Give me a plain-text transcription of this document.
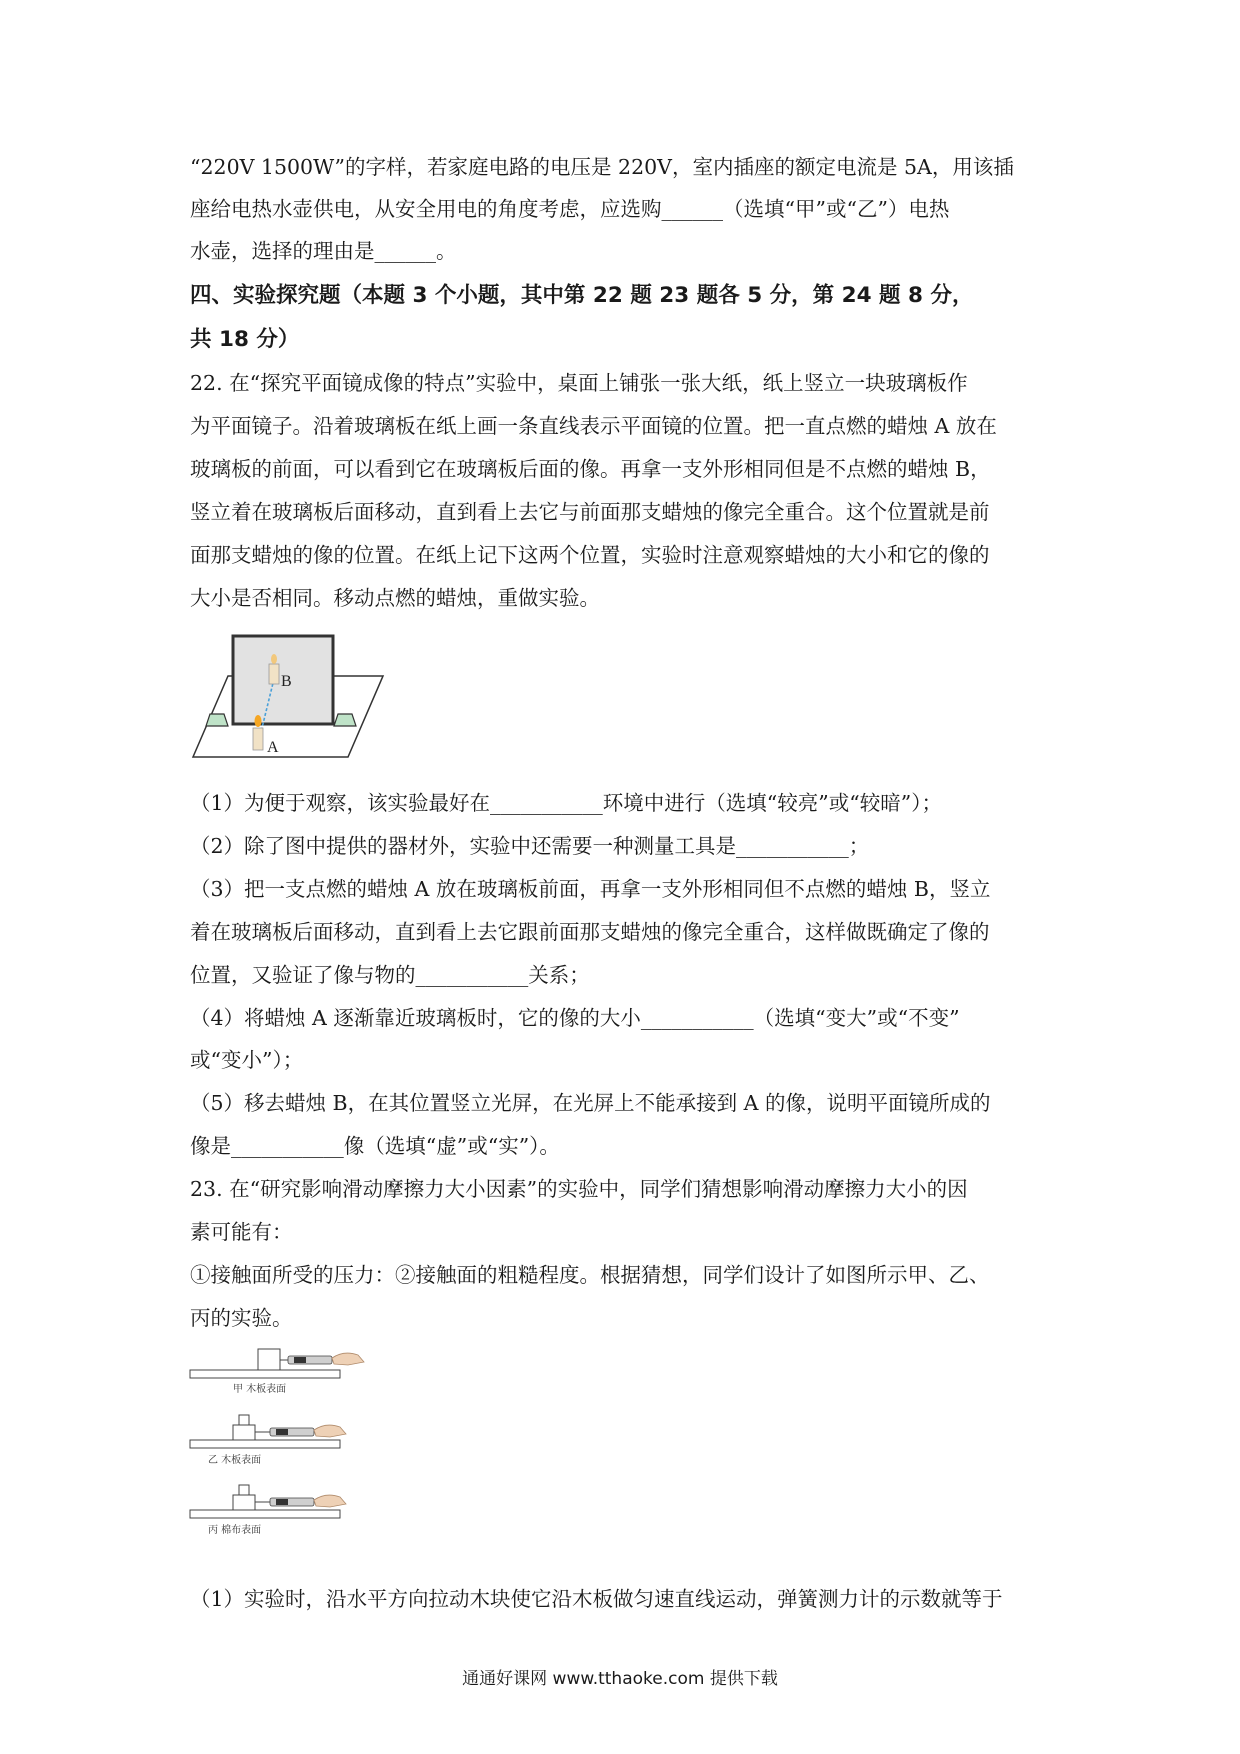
“220V 1500W”的字样，若家庭电路的电压是 220V，室内插座的额定电流是 5A，用该插
座给电热水壶供电，从安全用电的角度考虑，应选购______（选填“甲”或“乙”）电热
水壶，选择的理由是______。
四、实验探究题（本题 3 个小题，其中第 22 题 23 题各 5 分，第 24 题 8 分，
共 18 分）
22. 在“探究平面镜成像的特点”实验中，桌面上铺张一张大纸，纸上竖立一块玻璃板作
为平面镜子。沿着玻璃板在纸上画一条直线表示平面镜的位置。把一直点燃的蜡烛 A 放在
玻璃板的前面，可以看到它在玻璃板后面的像。再拿一支外形相同但是不点燃的蜡烛 B，
竖立着在玻璃板后面移动，直到看上去它与前面那支蜡烛的像完全重合。这个位置就是前
面那支蜡烛的像的位置。在纸上记下这两个位置，实验时注意观察蜡烛的大小和它的像的
大小是否相同。移动点燃的蜡烛，重做实验。
B
A
（1）为便于观察，该实验最好在___________环境中进行（选填“较亮”或“较暗”）；
（2）除了图中提供的器材外，实验中还需要一种测量工具是___________；
（3）把一支点燃的蜡烛 A 放在玻璃板前面，再拿一支外形相同但不点燃的蜡烛 B，竖立
着在玻璃板后面移动，直到看上去它跟前面那支蜡烛的像完全重合，这样做既确定了像的
位置，又验证了像与物的___________关系；
（4）将蜡烛 A 逐渐靠近玻璃板时，它的像的大小___________（选填“变大”或“不变”
或“变小”）；
（5）移去蜡烛 B，在其位置竖立光屏，在光屏上不能承接到 A 的像，说明平面镜所成的
像是___________像（选填“虚”或“实”）。
23. 在“研究影响滑动摩擦力大小因素”的实验中，同学们猜想影响滑动摩擦力大小的因
素可能有：
①接触面所受的压力：②接触面的粗糙程度。根据猜想，同学们设计了如图所示甲、乙、
丙的实验。
甲 木板表面
乙 木板表面
丙 棉布表面
（1）实验时，沿水平方向拉动木块使它沿木板做匀速直线运动，弹簧测力计的示数就等于
通通好课网 www.tthaoke.com 提供下载
